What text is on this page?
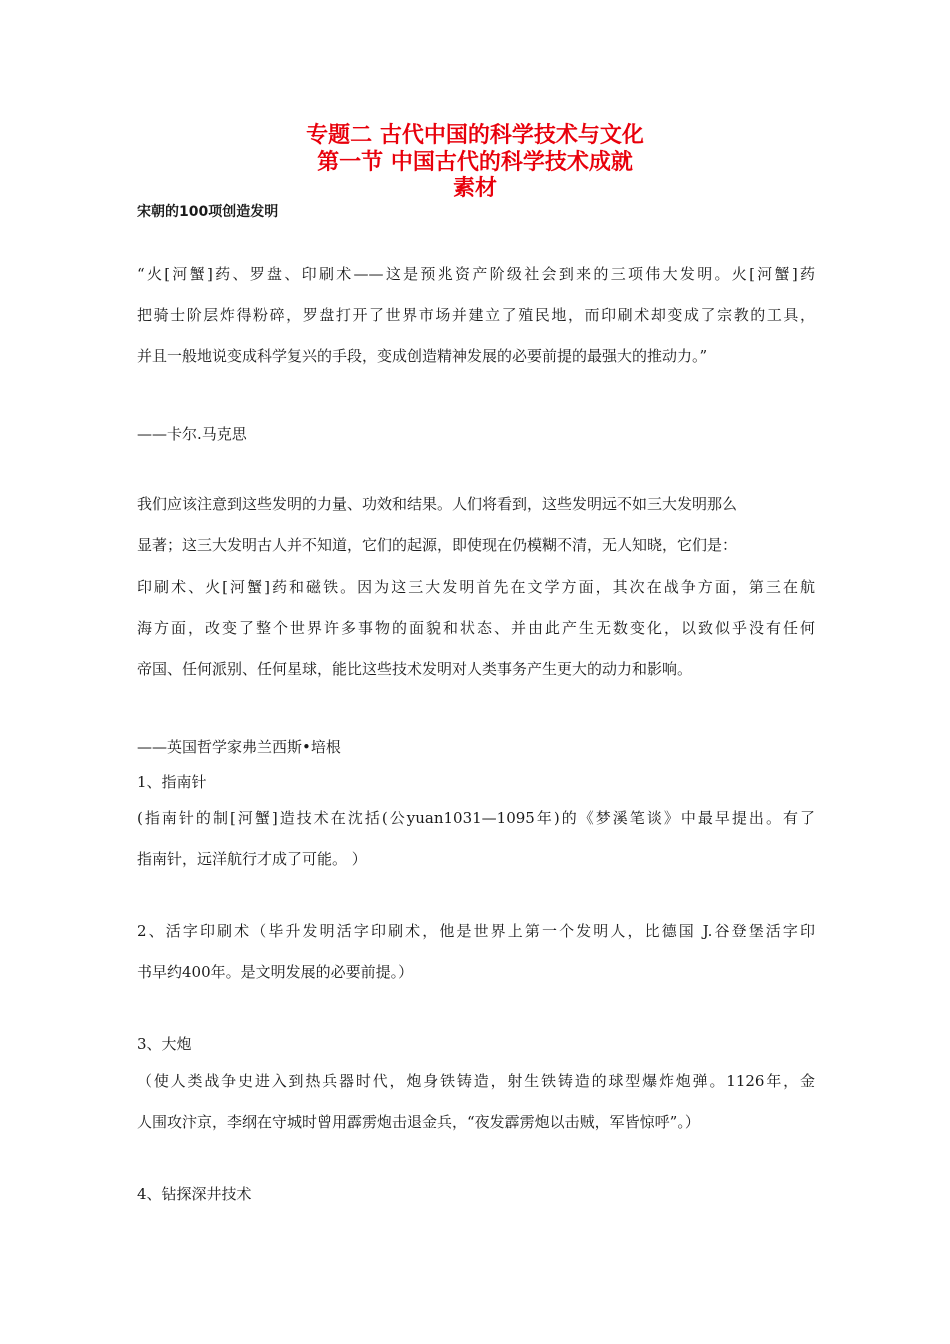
专题二 古代中国的科学技术与文化
第一节 中国古代的科学技术成就
素材
宋朝的100项创造发明
“火[河蟹]药、罗盘、印刷术——这是预兆资产阶级社会到来的三项伟大发明。火[河蟹]药
把骑士阶层炸得粉碎，罗盘打开了世界市场并建立了殖民地，而印刷术却变成了宗教的工具，
并且一般地说变成科学复兴的手段，变成创造精神发展的必要前提的最强大的推动力。”
——卡尔.马克思
我们应该注意到这些发明的力量、功效和结果。人们将看到，这些发明远不如三大发明那么
显著；这三大发明古人并不知道，它们的起源，即使现在仍模糊不清，无人知晓，它们是：
印刷术、火[河蟹]药和磁铁。因为这三大发明首先在文学方面，其次在战争方面，第三在航
海方面，改变了整个世界许多事物的面貌和状态、并由此产生无数变化，以致似乎没有任何
帝国、任何派别、任何星球，能比这些技术发明对人类事务产生更大的动力和影响。
——英国哲学家弗兰西斯•培根
1、指南针
(指南针的制[河蟹]造技术在沈括(公yuan1031—1095年)的《梦溪笔谈》中最早提出。有了
指南针，远洋航行才成了可能。 ）
2、活字印刷术（毕升发明活字印刷术，他是世界上第一个发明人，比德国 J.谷登堡活字印
书早约400年。是文明发展的必要前提。）
3、大炮
（使人类战争史进入到热兵器时代，炮身铁铸造，射生铁铸造的球型爆炸炮弹。1126年，金
人围攻汴京，李纲在守城时曾用霹雳炮击退金兵，“夜发霹雳炮以击贼，军皆惊呼”。）
4、钻探深井技术
